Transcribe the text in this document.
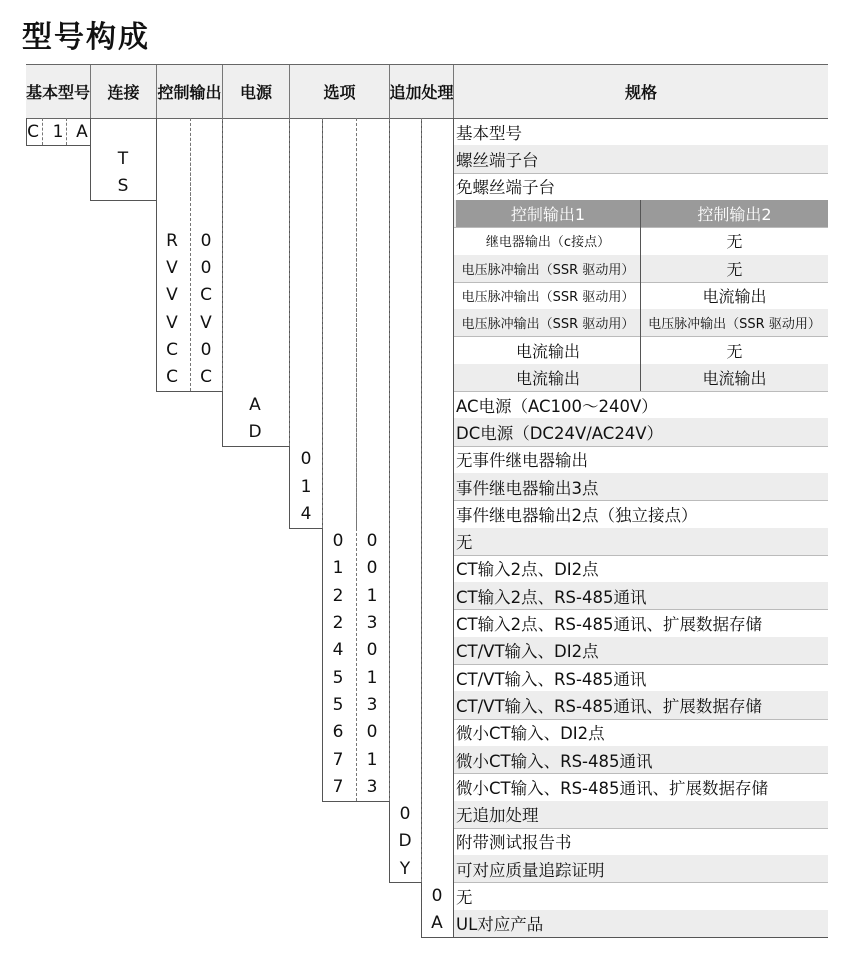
型号构成
基本型号	连接	控制输出	电源	选项	追加处理	规格
C 1 A	基本型号
T	螺丝端子台
S	免螺丝端子台
控制输出1	控制输出2
R	0	继电器输出（c接点）	无
V	0	电压脉冲输出（SSR 驱动用）	无
V	C	电压脉冲输出（SSR 驱动用）	电流输出
V	V	电压脉冲输出（SSR 驱动用）	电压脉冲输出（SSR 驱动用）
C	0	电流输出	无
C	C	电流输出	电流输出
A	AC电源（AC100～240V）
D	DC电源（DC24V/AC24V）
0	无事件继电器输出
1	事件继电器输出3点
4	事件继电器输出2点（独立接点）
0	0	无
1	0	CT输入2点、DI2点
2	1	CT输入2点、RS-485通讯
2	3	CT输入2点、RS-485通讯、扩展数据存储
4	0	CT/VT输入、DI2点
5	1	CT/VT输入、RS-485通讯
5	3	CT/VT输入、RS-485通讯、扩展数据存储
6	0	微小CT输入、DI2点
7	1	微小CT输入、RS-485通讯
7	3	微小CT输入、RS-485通讯、扩展数据存储
0	无追加处理
D	附带测试报告书
Y	可对应质量追踪证明
0 无
A UL对应产品
